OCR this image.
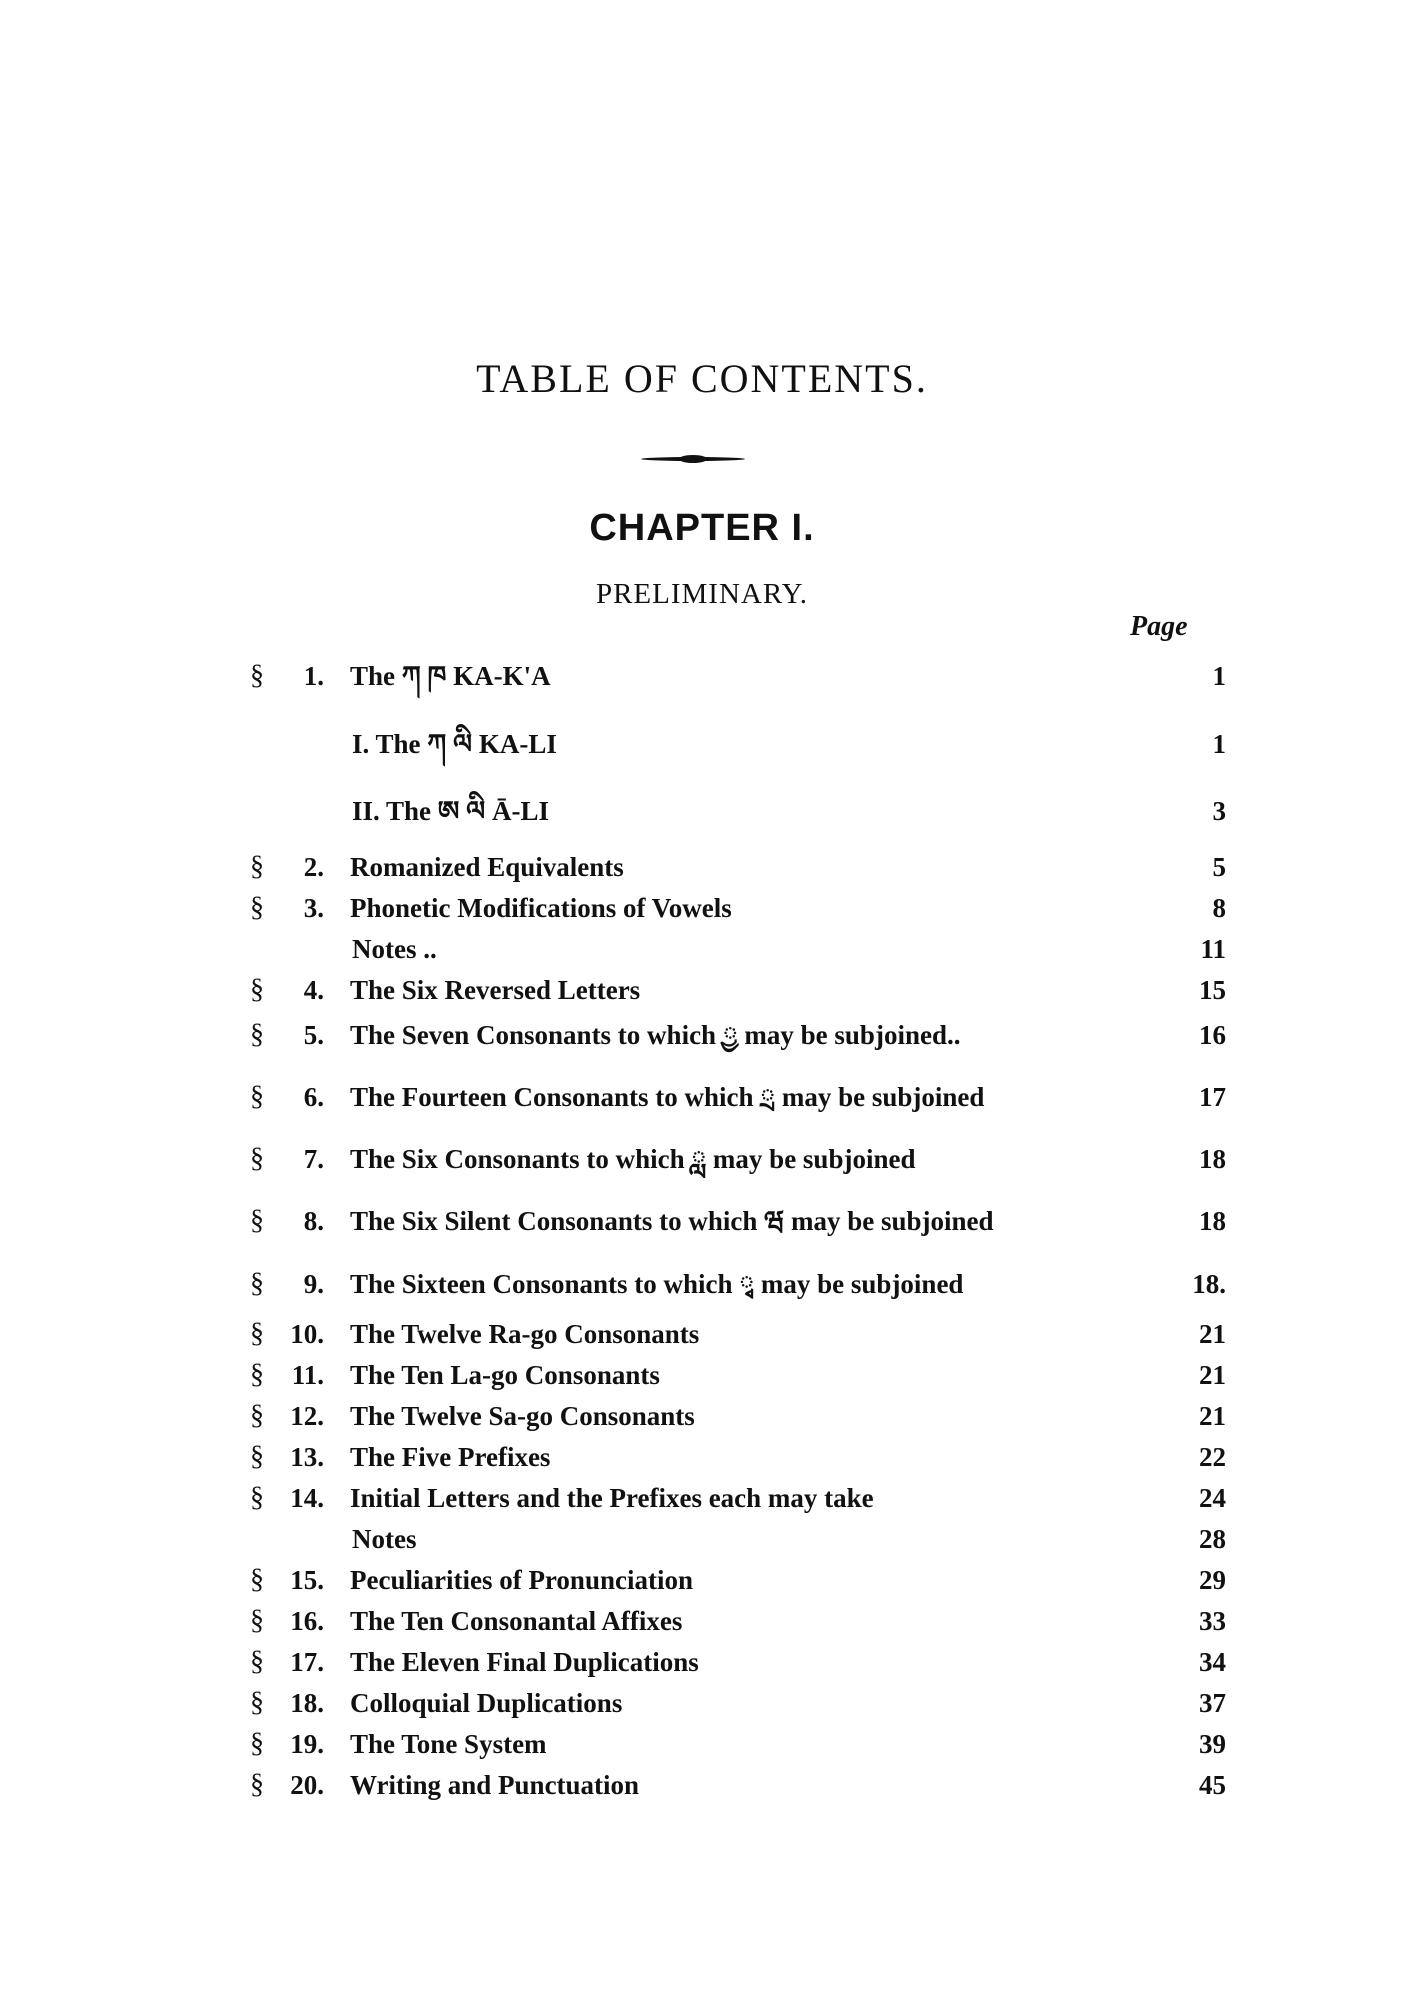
TABLE OF CONTENTS.
CHAPTER I.
PRELIMINARY.
Page
§	1. The ཀ ཁ KA-K'A	1
I. The ཀ ལི KA-LI	1
II. The ཨ ལི Ā-LI	3
§	2. Romanized Equivalents	5
§	3. Phonetic Modifications of Vowels	8
Notes ..	11
§	4. The Six Reversed Letters	15
§	5. The Seven Consonants to which ྱ may be subjoined..	16
§	6. The Fourteen Consonants to which ྲ may be subjoined	17
§	7. The Six Consonants to which ླ may be subjoined	18
§	8. The Six Silent Consonants to which ཝ may be subjoined	18
§	9. The Sixteen Consonants to which ྭ may be subjoined	18.
§ 10. The Twelve Ra-go Consonants	21
§	11. The Ten La-go Consonants	21
§ 12. The Twelve Sa-go Consonants	21
§ 13. The Five Prefixes	22
§ 14. Initial Letters and the Prefixes each may take	24
Notes	28
§ 15. Peculiarities of Pronunciation	29
§ 16. The Ten Consonantal Affixes	33
§ 17. The Eleven Final Duplications	34
§ 18. Colloquial Duplications	37
§ 19. The Tone System	39
§ 20. Writing and Punctuation	45
